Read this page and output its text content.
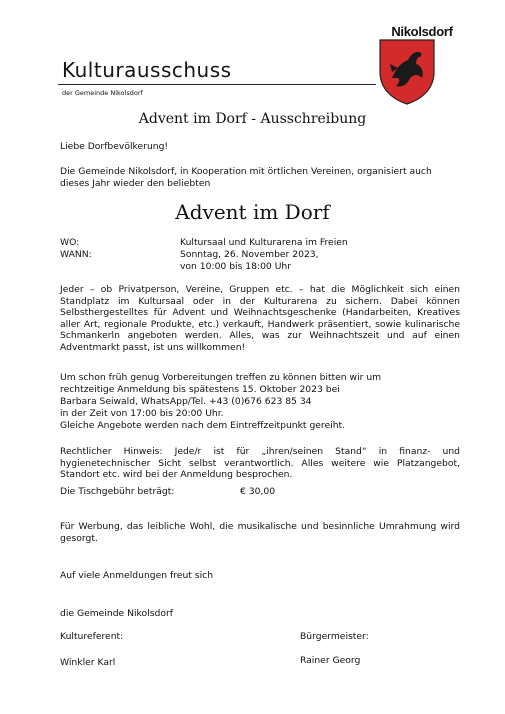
Nikolsdorf
Kulturausschuss
der Gemeinde Nikolsdorf
Advent im Dorf - Ausschreibung
Liebe Dorfbevölkerung!
Die Gemeinde Nikolsdorf, in Kooperation mit örtlichen Vereinen, organisiert auch dieses Jahr wieder den beliebten
Advent im Dorf
WO:	Kultursaal und Kulturarena im Freien
WANN:	Sonntag, 26. November 2023,
von 10:00 bis 18:00 Uhr
Jeder – ob Privatperson, Vereine, Gruppen etc. – hat die Möglichkeit sich einen Standplatz im Kultursaal oder in der Kulturarena zu sichern. Dabei können Selbsthergestelltes für Advent und Weihnachtsgeschenke (Handarbeiten, Kreatives aller Art, regionale Produkte, etc.) verkauft, Handwerk präsentiert, sowie kulinarische Schmankerln angeboten werden. Alles, was zur Weihnachtszeit und auf einen Adventmarkt passt, ist uns willkommen!
Um schon früh genug Vorbereitungen treffen zu können bitten wir um
rechtzeitige Anmeldung bis spätestens 15. Oktober 2023 bei
Barbara Seiwald, WhatsApp/Tel. +43 (0)676 623 85 34
in der Zeit von 17:00 bis 20:00 Uhr.
Gleiche Angebote werden nach dem Eintreffzeitpunkt gereiht.
Rechtlicher Hinweis: Jede/r ist für „ihren/seinen Stand“ in finanz- und hygienetechnischer Sicht selbst verantwortlich. Alles weitere wie Platzangebot, Standort etc. wird bei der Anmeldung besprochen.
Die Tischgebühr beträgt:	€ 30,00
Für Werbung, das leibliche Wohl, die musikalische und besinnliche Umrahmung wird gesorgt.
Auf viele Anmeldungen freut sich
die Gemeinde Nikolsdorf
Kultureferent:	Bürgermeister:
Winkler Karl	Rainer Georg
